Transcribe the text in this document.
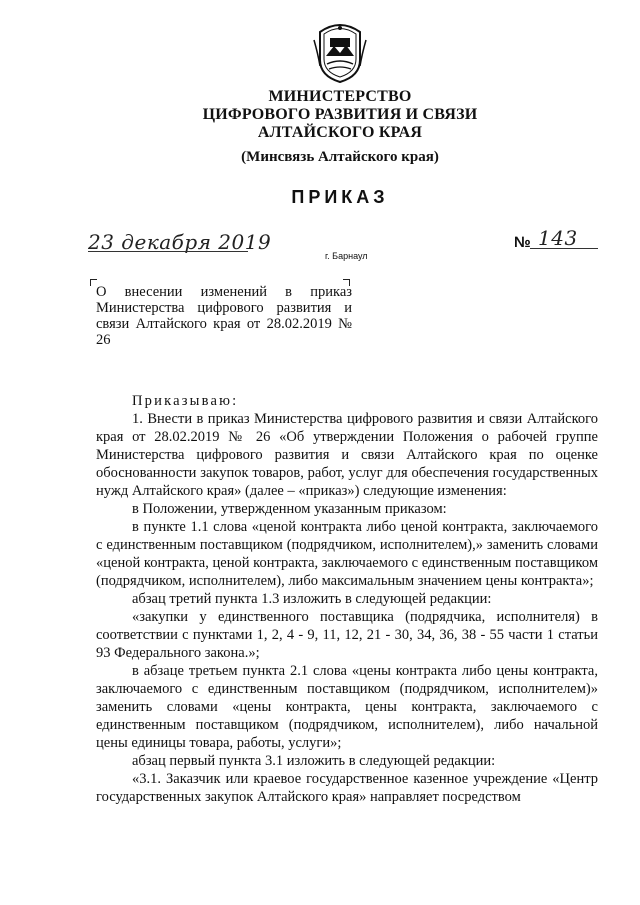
МИНИСТЕРСТВО
ЦИФРОВОГО РАЗВИТИЯ И СВЯЗИ
АЛТАЙСКОГО КРАЯ
(Минсвязь Алтайского края)
ПРИКАЗ
23 декабря 2019
г. Барнаул
№ 143
О внесении изменений в приказ Министерства цифрового развития и связи Алтайского края от 28.02.2019 № 26

Приказываю:

1. Внести в приказ Министерства цифрового развития и связи Алтайского края от 28.02.2019 № 26 «Об утверждении Положения о рабочей группе Министерства цифрового развития и связи Алтайского края по оценке обоснованности закупок товаров, работ, услуг для обеспечения государственных нужд Алтайского края» (далее – «приказ») следующие изменения:

в Положении, утвержденном указанным приказом:

в пункте 1.1 слова «ценой контракта либо ценой контракта, заключаемого с единственным поставщиком (подрядчиком, исполнителем),» заменить словами «ценой контракта, ценой контракта, заключаемого с единственным поставщиком (подрядчиком, исполнителем), либо максимальным значением цены контракта»;

абзац третий пункта 1.3 изложить в следующей редакции:

«закупки у единственного поставщика (подрядчика, исполнителя) в соответствии с пунктами 1, 2, 4 - 9, 11, 12, 21 - 30, 34, 36, 38 - 55 части 1 статьи 93 Федерального закона.»;

в абзаце третьем пункта 2.1 слова «цены контракта либо цены контракта, заключаемого с единственным поставщиком (подрядчиком, исполнителем)» заменить словами «цены контракта, цены контракта, заключаемого с единственным поставщиком (подрядчиком, исполнителем), либо начальной цены единицы товара, работы, услуги»;

абзац первый пункта 3.1 изложить в следующей редакции:

«3.1. Заказчик или краевое государственное казенное учреждение «Центр государственных закупок Алтайского края» направляет посредством
